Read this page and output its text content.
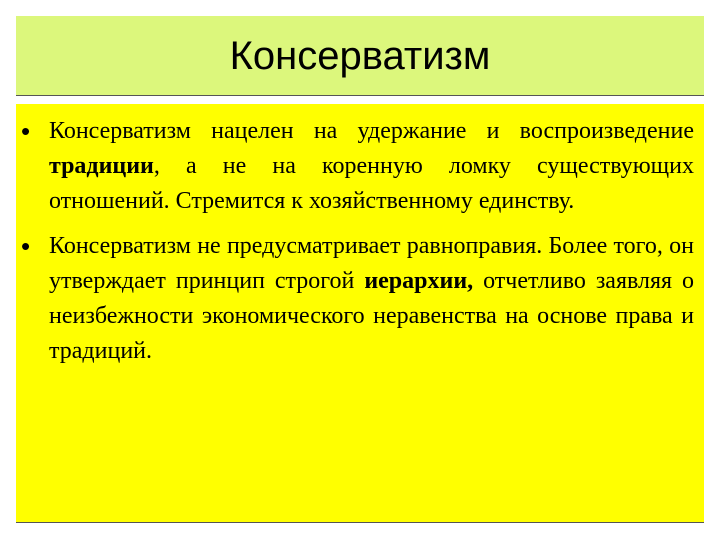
Консерватизм
• Консерватизм нацелен на удержание и воспроизведение традиции, а не на коренную ломку существующих отношений. Стремится к хозяйственному единству.
• Консерватизм не предусматривает равноправия. Более того, он утверждает принцип строгой иерархии, отчетливо заявляя о неизбежности экономического неравенства на основе права и традиций.
